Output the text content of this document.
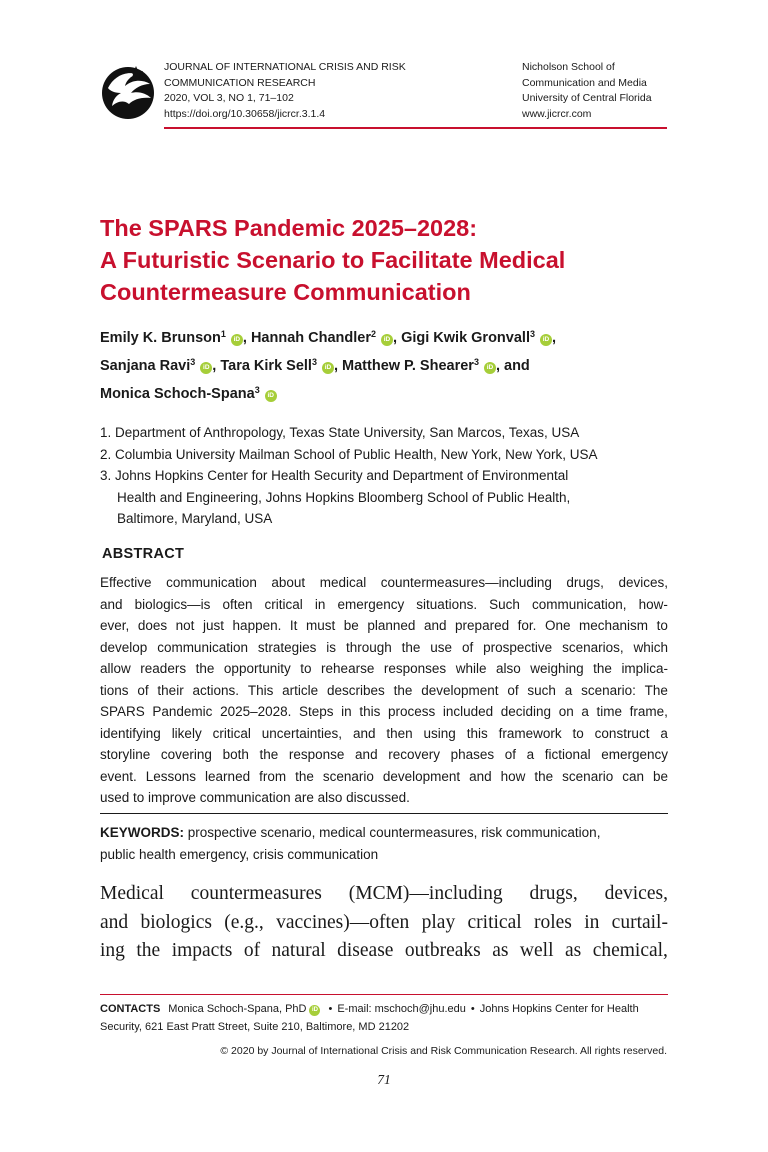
JOURNAL OF INTERNATIONAL CRISIS AND RISK
COMMUNICATION RESEARCH
2020, VOL 3, NO 1, 71–102
https://doi.org/10.30658/jicrcr.3.1.4
Nicholson School of
Communication and Media
University of Central Florida
www.jicrcr.com
The SPARS Pandemic 2025–2028:
A Futuristic Scenario to Facilitate Medical
Countermeasure Communication
Emily K. Brunson$^1$iD , Hannah Chandler$^2$iD , Gigi Kwik Gronvall$^3$iD ,
Sanjana Ravi$^3$iD , Tara Kirk Sell$^3$iD , Matthew P. Shearer$^3$iD , and
Monica Schoch-Spana$^3$iD
1. Department of Anthropology, Texas State University, San Marcos, Texas, USA
2. Columbia University Mailman School of Public Health, New York, New York, USA
3. Johns Hopkins Center for Health Security and Department of Environmental
Health and Engineering, Johns Hopkins Bloomberg School of Public Health,
Baltimore, Maryland, USA
ABSTRACT
Effective communication about medical countermeasures—including drugs, devices,
and biologics—is often critical in emergency situations. Such communication, how-
ever, does not just happen. It must be planned and prepared for. One mechanism to
develop communication strategies is through the use of prospective scenarios, which
allow readers the opportunity to rehearse responses while also weighing the implica-
tions of their actions. This article describes the development of such a scenario: The
SPARS Pandemic 2025–2028. Steps in this process included deciding on a time frame,
identifying likely critical uncertainties, and then using this framework to construct a
storyline covering both the response and recovery phases of a fictional emergency
event. Lessons learned from the scenario development and how the scenario can be
used to improve communication are also discussed.
KEYWORDS: prospective scenario, medical countermeasures, risk communication,
public health emergency, crisis communication
Medical countermeasures (MCM)—including drugs, devices,
and biologics (e.g., vaccines)—often play critical roles in curtail-
ing the impacts of natural disease outbreaks as well as chemical,
CONTACTS Monica Schoch-Spana, PhD iD • E-mail: mschoch@jhu.edu • Johns Hopkins Center for Health
Security, 621 East Pratt Street, Suite 210, Baltimore, MD 21202
© 2020 by Journal of International Crisis and Risk Communication Research. All rights reserved.
71
